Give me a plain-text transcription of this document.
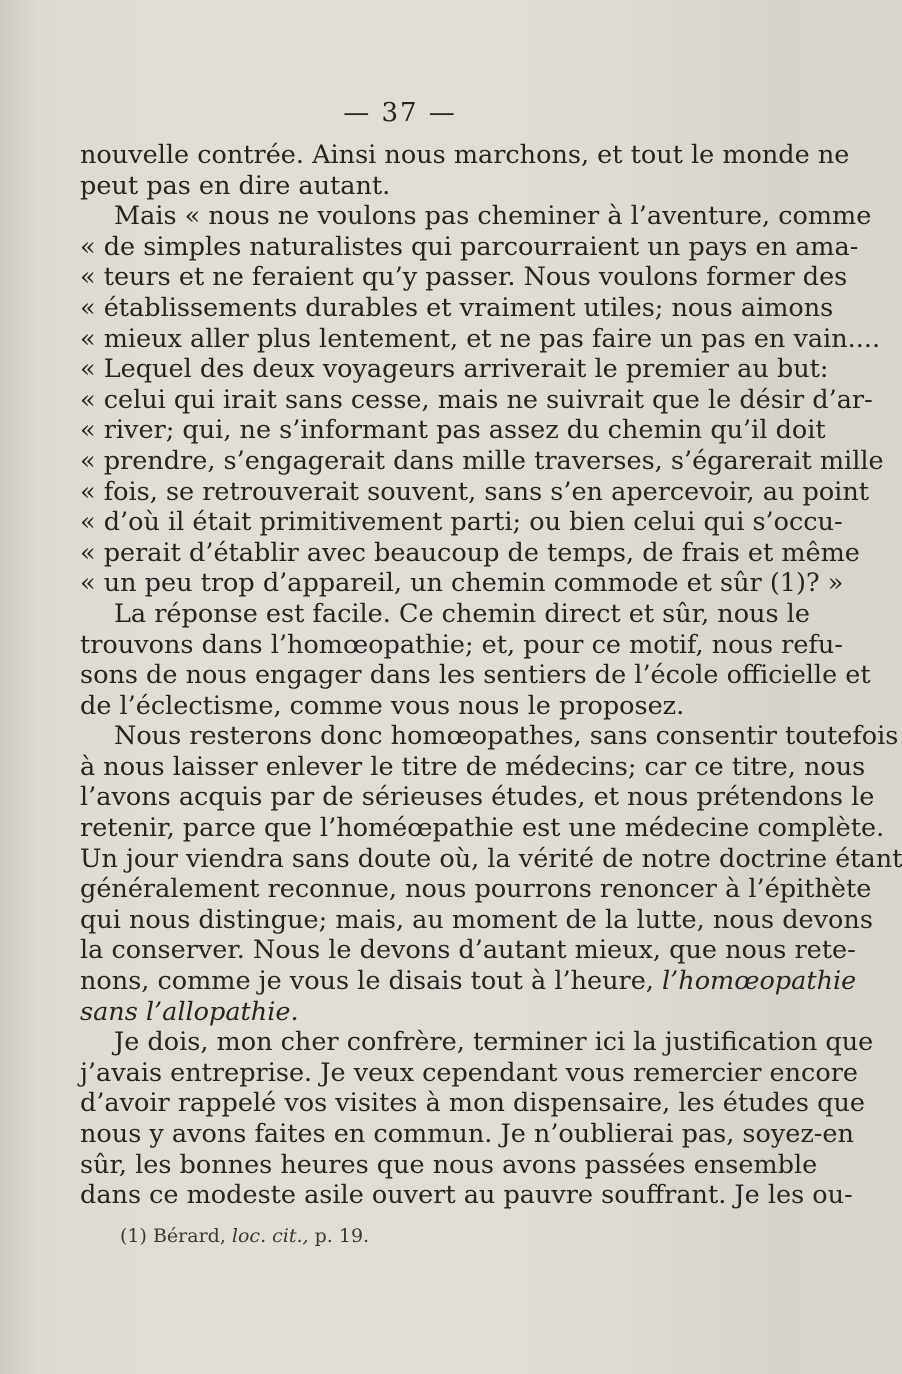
— 37 —
nouvelle contrée. Ainsi nous marchons, et tout le monde ne
peut pas en dire autant.
Mais « nous ne voulons pas cheminer à l’aventure, comme
« de simples naturalistes qui parcourraient un pays en ama-
« teurs et ne feraient qu’y passer. Nous voulons former des
« établissements durables et vraiment utiles; nous aimons
« mieux aller plus lentement, et ne pas faire un pas en vain....
« Lequel des deux voyageurs arriverait le premier au but:
« celui qui irait sans cesse, mais ne suivrait que le désir d’ar-
« river; qui, ne s’informant pas assez du chemin qu’il doit
« prendre, s’engagerait dans mille traverses, s’égarerait mille
« fois, se retrouverait souvent, sans s’en apercevoir, au point
« d’où il était primitivement parti; ou bien celui qui s’occu-
« perait d’établir avec beaucoup de temps, de frais et même
« un peu trop d’appareil, un chemin commode et sûr (1)? »
La réponse est facile. Ce chemin direct et sûr, nous le
trouvons dans l’homœopathie; et, pour ce motif, nous refu-
sons de nous engager dans les sentiers de l’école officielle et
de l’éclectisme, comme vous nous le proposez.
Nous resterons donc homœopathes, sans consentir toutefois
à nous laisser enlever le titre de médecins; car ce titre, nous
l’avons acquis par de sérieuses études, et nous prétendons le
retenir, parce que l’homéœpathie est une médecine complète.
Un jour viendra sans doute où, la vérité de notre doctrine étant
généralement reconnue, nous pourrons renoncer à l’épithète
qui nous distingue; mais, au moment de la lutte, nous devons
la conserver. Nous le devons d’autant mieux, que nous rete-
nons, comme je vous le disais tout à l’heure, l’homœopathie
sans l’allopathie.
Je dois, mon cher confrère, terminer ici la justification que
j’avais entreprise. Je veux cependant vous remercier encore
d’avoir rappelé vos visites à mon dispensaire, les études que
nous y avons faites en commun. Je n’oublierai pas, soyez-en
sûr, les bonnes heures que nous avons passées ensemble
dans ce modeste asile ouvert au pauvre souffrant. Je les ou-
(1) Bérard, loc. cit., p. 19.
